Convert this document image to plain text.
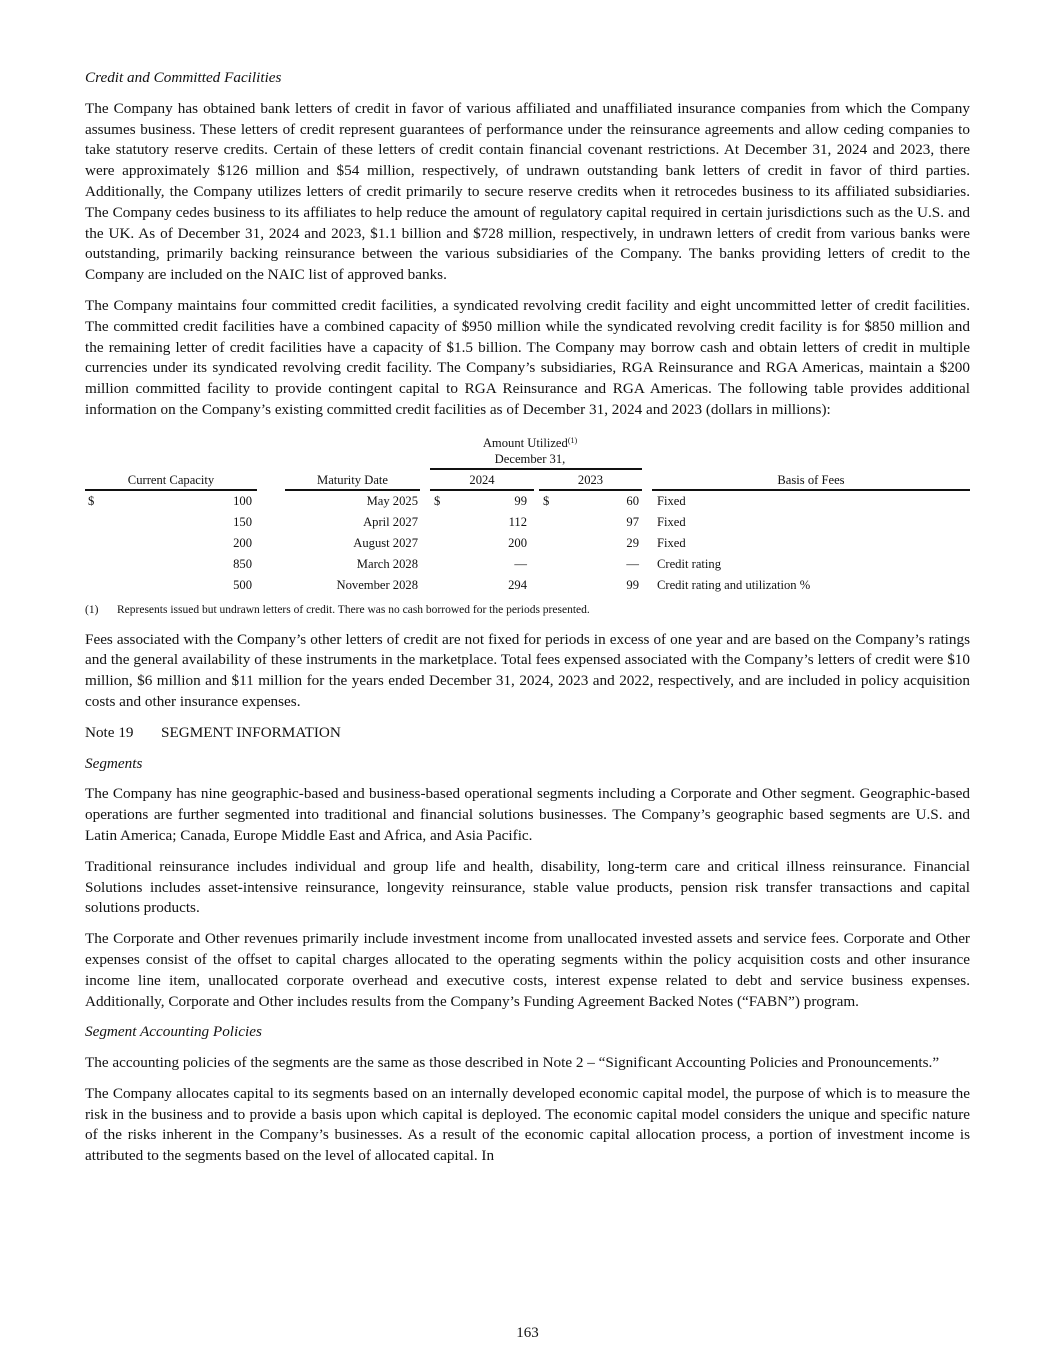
Credit and Committed Facilities

The Company has obtained bank letters of credit in favor of various affiliated and unaffiliated insurance companies from which the Company assumes business. These letters of credit represent guarantees of performance under the reinsurance agreements and allow ceding companies to take statutory reserve credits. Certain of these letters of credit contain financial covenant restrictions. At December 31, 2024 and 2023, there were approximately $126 million and $54 million, respectively, of undrawn outstanding bank letters of credit in favor of third parties. Additionally, the Company utilizes letters of credit primarily to secure reserve credits when it retrocedes business to its affiliated subsidiaries. The Company cedes business to its affiliates to help reduce the amount of regulatory capital required in certain jurisdictions such as the U.S. and the UK. As of December 31, 2024 and 2023, $1.1 billion and $728 million, respectively, in undrawn letters of credit from various banks were outstanding, primarily backing reinsurance between the various subsidiaries of the Company. The banks providing letters of credit to the Company are included on the NAIC list of approved banks.

The Company maintains four committed credit facilities, a syndicated revolving credit facility and eight uncommitted letter of credit facilities. The committed credit facilities have a combined capacity of $950 million while the syndicated revolving credit facility is for $850 million and the remaining letter of credit facilities have a capacity of $1.5 billion. The Company may borrow cash and obtain letters of credit in multiple currencies under its syndicated revolving credit facility. The Company’s subsidiaries, RGA Reinsurance and RGA Americas, maintain a $200 million committed facility to provide contingent capital to RGA Reinsurance and RGA Americas. The following table provides additional information on the Company’s existing committed credit facilities as of December 31, 2024 and 2023 (dollars in millions):

Amount Utilized$^{(1)}$
December 31,
Current Capacity	Maturity Date	2024	2023	Basis of Fees
$	100	May 2025 $	99 $	60 Fixed
150	April 2027	112	97 Fixed
200	August 2027	200	29 Fixed
850	March 2028	—	— Credit rating
500	November 2028	294	99 Credit rating and utilization %

(1) Represents issued but undrawn letters of credit. There was no cash borrowed for the periods presented.

Fees associated with the Company’s other letters of credit are not fixed for periods in excess of one year and are based on the Company’s ratings and the general availability of these instruments in the marketplace. Total fees expensed associated with the Company’s letters of credit were $10 million, $6 million and $11 million for the years ended December 31, 2024, 2023 and 2022, respectively, and are included in policy acquisition costs and other insurance expenses.

Note 19 SEGMENT INFORMATION

Segments

The Company has nine geographic-based and business-based operational segments including a Corporate and Other segment. Geographic-based operations are further segmented into traditional and financial solutions businesses. The Company’s geographic based segments are U.S. and Latin America; Canada, Europe Middle East and Africa, and Asia Pacific.

Traditional reinsurance includes individual and group life and health, disability, long-term care and critical illness reinsurance. Financial Solutions includes asset-intensive reinsurance, longevity reinsurance, stable value products, pension risk transfer transactions and capital solutions products.

The Corporate and Other revenues primarily include investment income from unallocated invested assets and service fees. Corporate and Other expenses consist of the offset to capital charges allocated to the operating segments within the policy acquisition costs and other insurance income line item, unallocated corporate overhead and executive costs, interest expense related to debt and service business expenses. Additionally, Corporate and Other includes results from the Company’s Funding Agreement Backed Notes (“FABN”) program.

Segment Accounting Policies

The accounting policies of the segments are the same as those described in Note 2 – “Significant Accounting Policies and Pronouncements.”

The Company allocates capital to its segments based on an internally developed economic capital model, the purpose of which is to measure the risk in the business and to provide a basis upon which capital is deployed. The economic capital model considers the unique and specific nature of the risks inherent in the Company’s businesses. As a result of the economic capital allocation process, a portion of investment income is attributed to the segments based on the level of allocated capital. In

163
